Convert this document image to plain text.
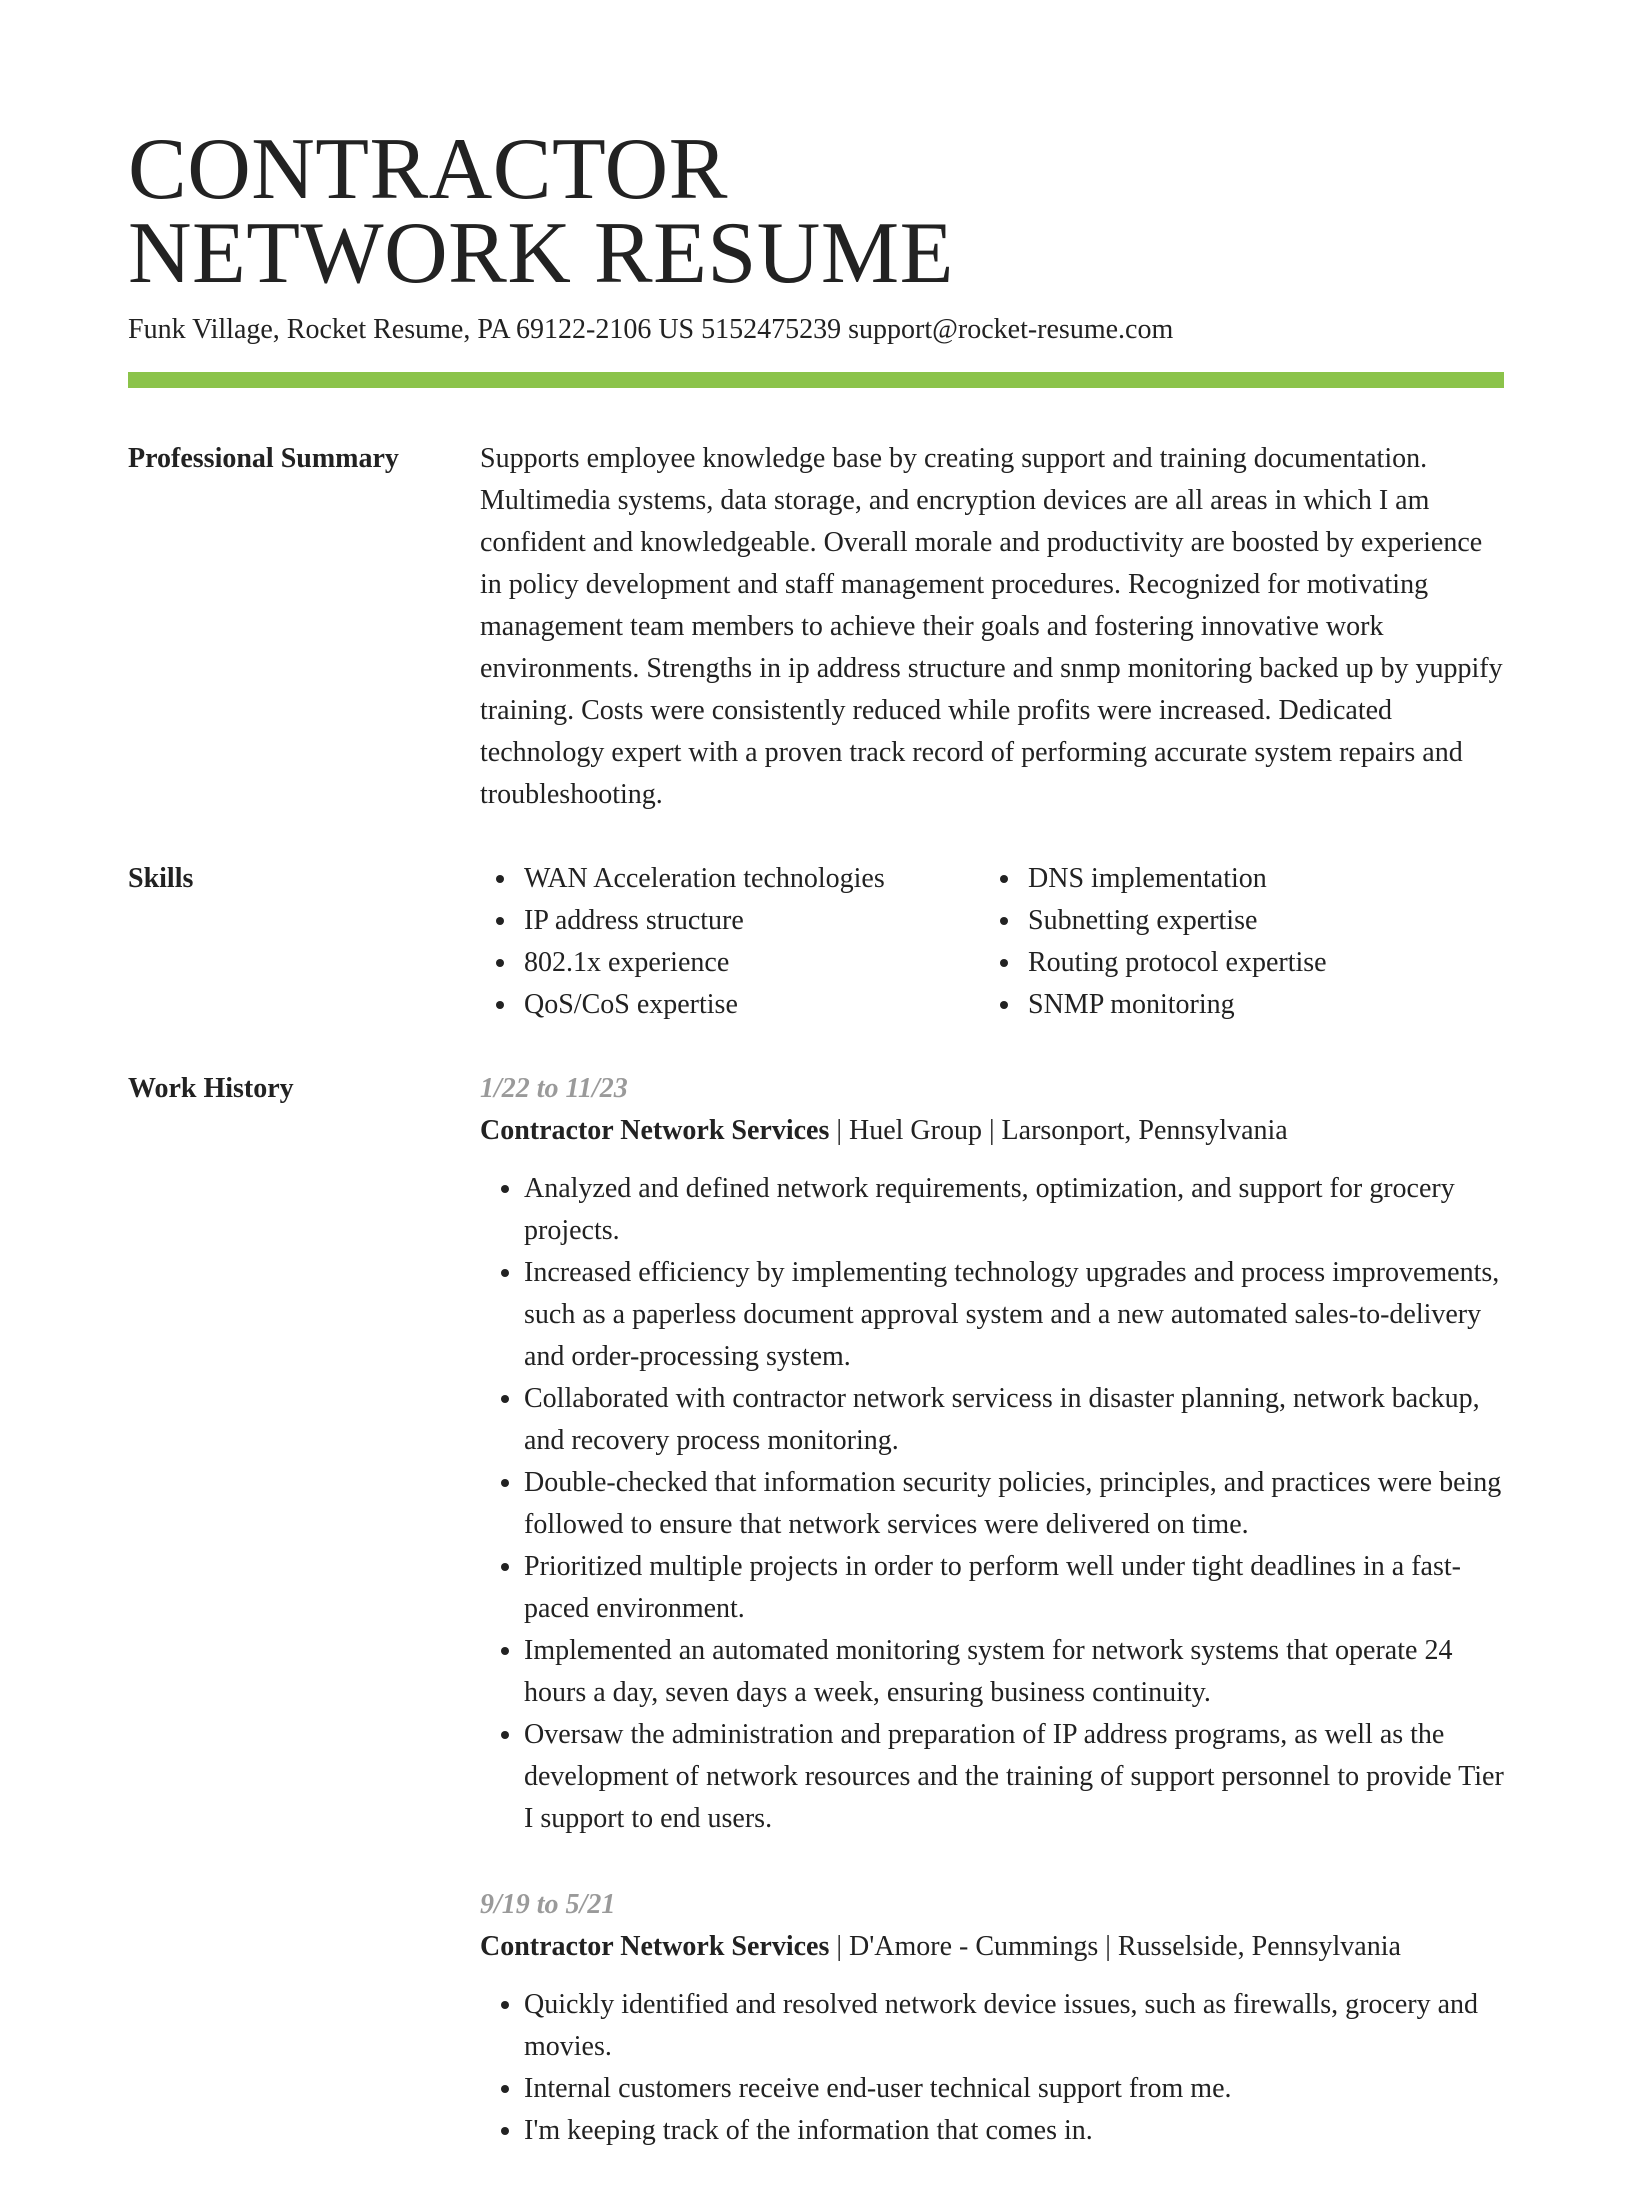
CONTRACTOR
NETWORK RESUME
Funk Village, Rocket Resume, PA 69122-2106 US 5152475239 support@rocket-resume.com
Professional Summary	Supports employee knowledge base by creating support and training documentation. Multimedia systems, data storage, and encryption devices are all areas in which I am confident and knowledgeable. Overall morale and productivity are boosted by experience in policy development and staff management procedures. Recognized for motivating management team members to achieve their goals and fostering innovative work environments. Strengths in ip address structure and snmp monitoring backed up by yuppify training. Costs were consistently reduced while profits were increased. Dedicated technology expert with a proven track record of performing accurate system repairs and troubleshooting.

Skills	WAN Acceleration technologies	DNS implementation
IP address structure	Subnetting expertise
802.1x experience	Routing protocol expertise
QoS/CoS expertise	SNMP monitoring
Work History	1/22 to 11/23
Contractor Network Services | Huel Group | Larsonport, Pennsylvania
• Analyzed and defined network requirements, optimization, and support for grocery projects.
• Increased efficiency by implementing technology upgrades and process improvements, such as a paperless document approval system and a new automated sales-to-delivery and order-processing system.
• Collaborated with contractor network servicess in disaster planning, network backup, and recovery process monitoring.
• Double-checked that information security policies, principles, and practices were being followed to ensure that network services were delivered on time.
• Prioritized multiple projects in order to perform well under tight deadlines in a fast-paced environment.
• Implemented an automated monitoring system for network systems that operate 24 hours a day, seven days a week, ensuring business continuity.
• Oversaw the administration and preparation of IP address programs, as well as the development of network resources and the training of support personnel to provide Tier I support to end users.
9/19 to 5/21
Contractor Network Services | D'Amore - Cummings | Russelside, Pennsylvania
• Quickly identified and resolved network device issues, such as firewalls, grocery and movies.
• Internal customers receive end-user technical support from me.
• I'm keeping track of the information that comes in.
